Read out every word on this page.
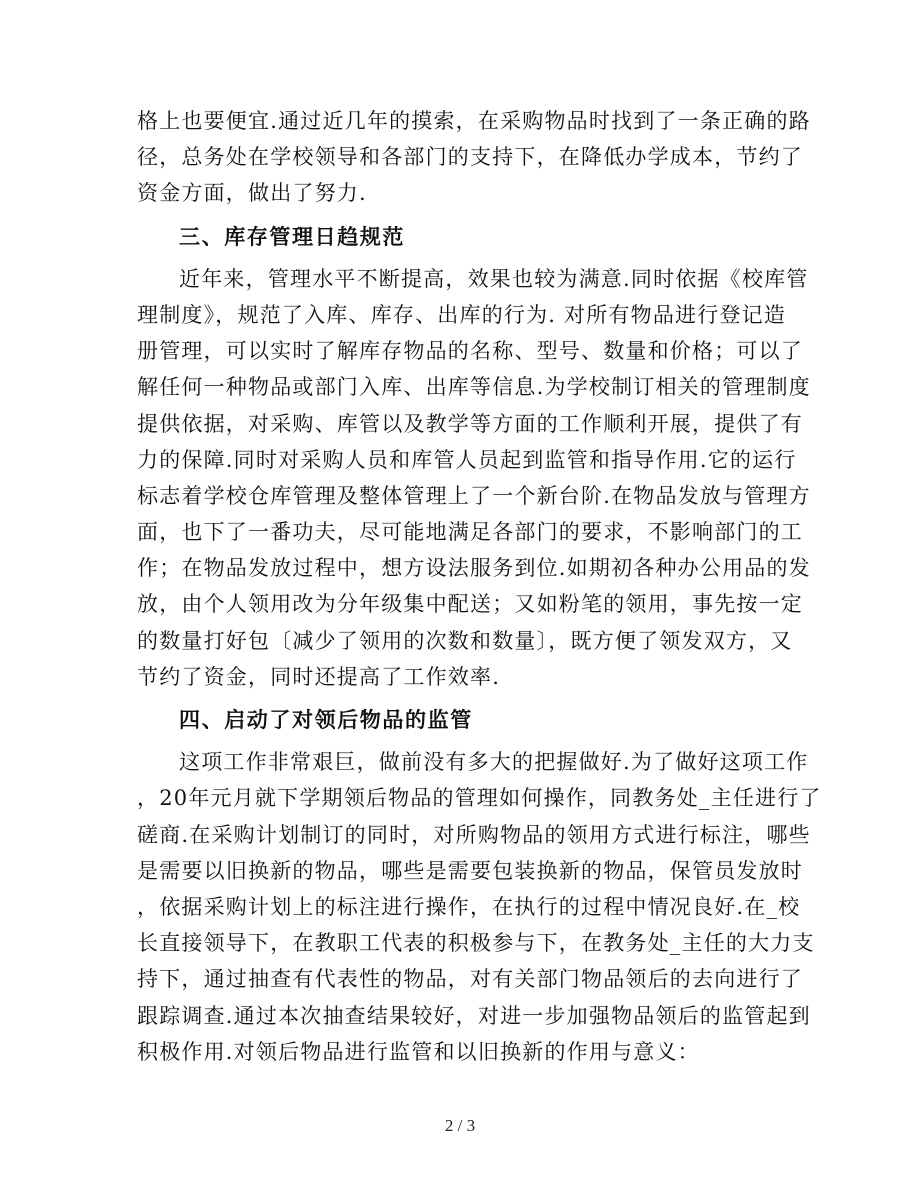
格上也要便宜.通过近几年的摸索，在采购物品时找到了一条正确的路
径，总务处在学校领导和各部门的支持下，在降低办学成本，节约了
资金方面，做出了努力.
三、库存管理日趋规范
近年来，管理水平不断提高，效果也较为满意.同时依据《校库管
理制度》，规范了入库、库存、出库的行为. 对所有物品进行登记造
册管理，可以实时了解库存物品的名称、型号、数量和价格；可以了
解任何一种物品或部门入库、出库等信息.为学校制订相关的管理制度
提供依据，对采购、库管以及教学等方面的工作顺利开展，提供了有
力的保障.同时对采购人员和库管人员起到监管和指导作用.它的运行
标志着学校仓库管理及整体管理上了一个新台阶.在物品发放与管理方
面，也下了一番功夫，尽可能地满足各部门的要求，不影响部门的工
作；在物品发放过程中，想方设法服务到位.如期初各种办公用品的发
放，由个人领用改为分年级集中配送；又如粉笔的领用，事先按一定
的数量打好包〔减少了领用的次数和数量〕，既方便了领发双方，又
节约了资金，同时还提高了工作效率.
四、启动了对领后物品的监管
这项工作非常艰巨，做前没有多大的把握做好.为了做好这项工作
，20年元月就下学期领后物品的管理如何操作，同教务处_主任进行了
磋商.在采购计划制订的同时，对所购物品的领用方式进行标注，哪些
是需要以旧换新的物品，哪些是需要包装换新的物品，保管员发放时
，依据采购计划上的标注进行操作，在执行的过程中情况良好.在_校
长直接领导下，在教职工代表的积极参与下，在教务处_主任的大力支
持下，通过抽查有代表性的物品，对有关部门物品领后的去向进行了
跟踪调查.通过本次抽查结果较好，对进一步加强物品领后的监管起到
积极作用.对领后物品进行监管和以旧换新的作用与意义：
2 / 3
